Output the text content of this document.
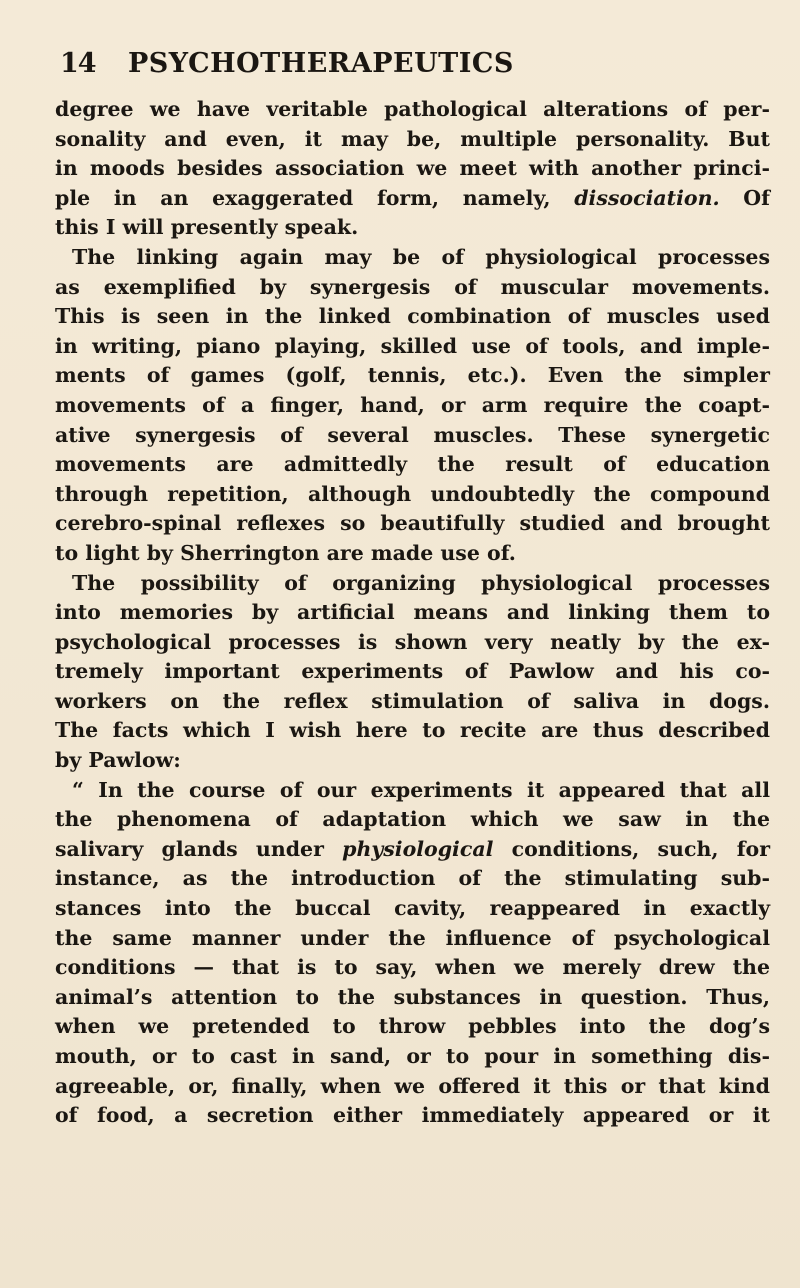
14 PSYCHOTHERAPEUTICS
degree we have veritable pathological alterations of per-
sonality and even, it may be, multiple personality. But
in moods besides association we meet with another princi-
ple in an exaggerated form, namely, dissociation. Of
this I will presently speak.
The linking again may be of physiological processes
as exemplified by synergesis of muscular movements.
This is seen in the linked combination of muscles used
in writing, piano playing, skilled use of tools, and imple-
ments of games (golf, tennis, etc.). Even the simpler
movements of a finger, hand, or arm require the coapt-
ative synergesis of several muscles. These synergetic
movements are admittedly the result of education
through repetition, although undoubtedly the compound
cerebro-spinal reflexes so beautifully studied and brought
to light by Sherrington are made use of.
The possibility of organizing physiological processes
into memories by artificial means and linking them to
psychological processes is shown very neatly by the ex-
tremely important experiments of Pawlow and his co-
workers on the reflex stimulation of saliva in dogs.
The facts which I wish here to recite are thus described
by Pawlow:
“ In the course of our experiments it appeared that all
the phenomena of adaptation which we saw in the
salivary glands under physiological conditions, such, for
instance, as the introduction of the stimulating sub-
stances into the buccal cavity, reappeared in exactly
the same manner under the influence of psychological
conditions — that is to say, when we merely drew the
animal’s attention to the substances in question. Thus,
when we pretended to throw pebbles into the dog’s
mouth, or to cast in sand, or to pour in something dis-
agreeable, or, finally, when we offered it this or that kind
of food, a secretion either immediately appeared or it
